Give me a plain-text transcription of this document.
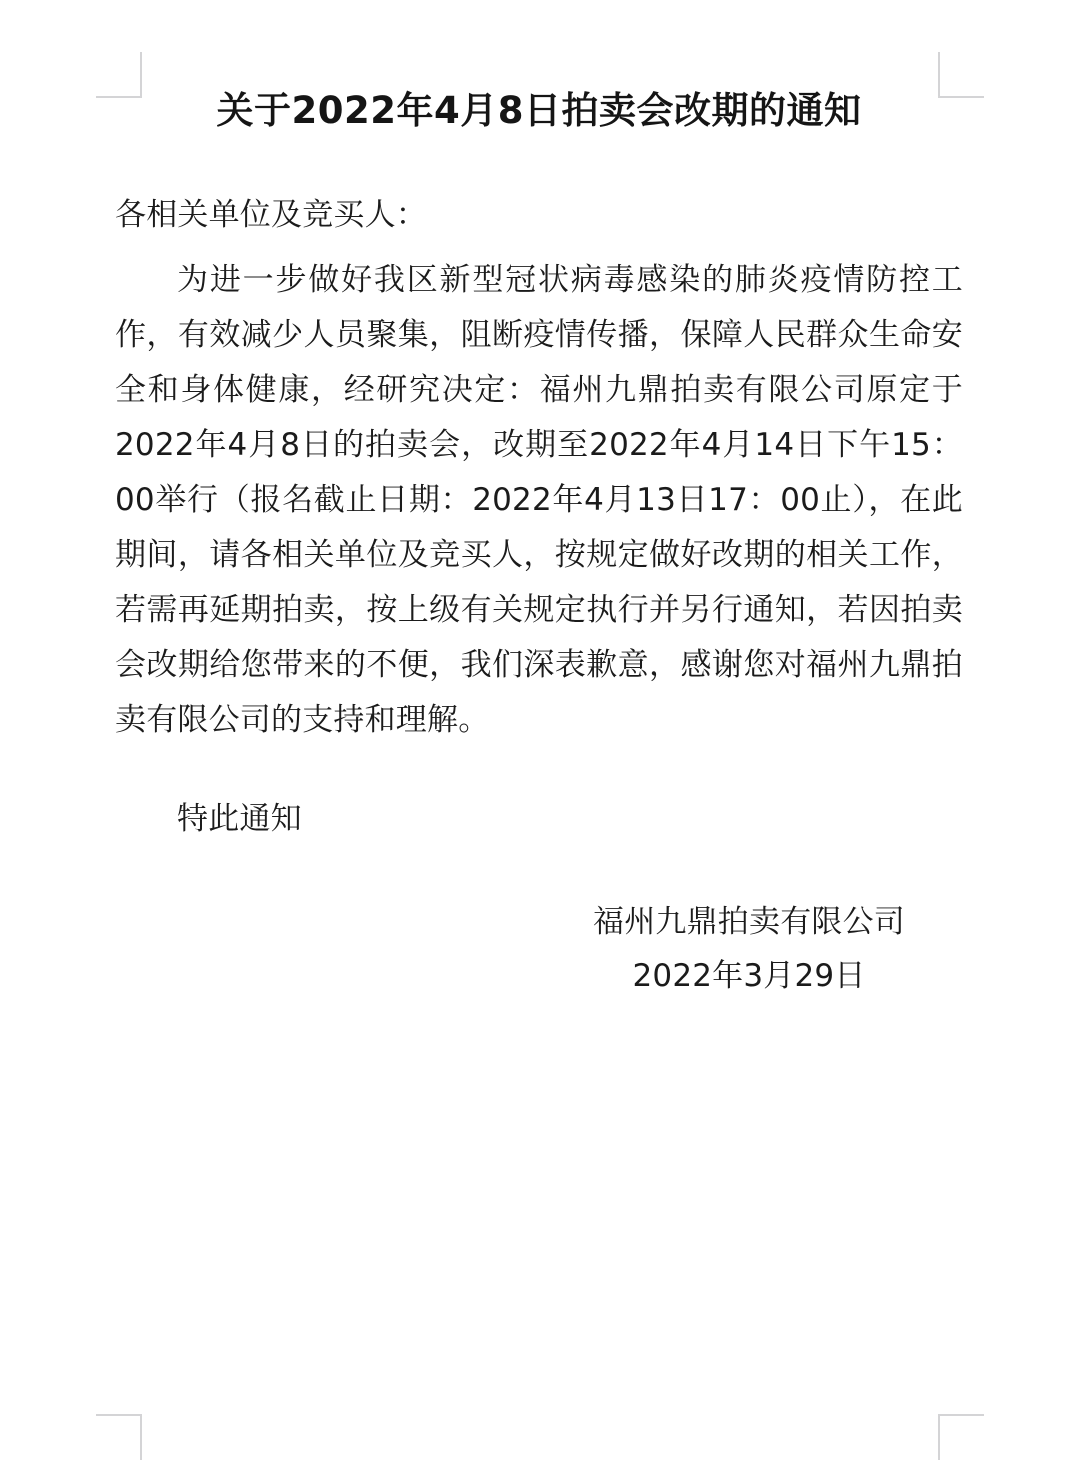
关于2022年4月8日拍卖会改期的通知

各相关单位及竞买人：

为进一步做好我区新型冠状病毒感染的肺炎疫情防控工作，有效减少人员聚集，阻断疫情传播，保障人民群众生命安全和身体健康，经研究决定：福州九鼎拍卖有限公司原定于2022年4月8日的拍卖会，改期至2022年4月14日下午15：00举行（报名截止日期：2022年4月13日17：00止），在此期间，请各相关单位及竞买人，按规定做好改期的相关工作，若需再延期拍卖，按上级有关规定执行并另行通知，若因拍卖会改期给您带来的不便，我们深表歉意，感谢您对福州九鼎拍卖有限公司的支持和理解。

特此通知

福州九鼎拍卖有限公司

2022年3月29日
